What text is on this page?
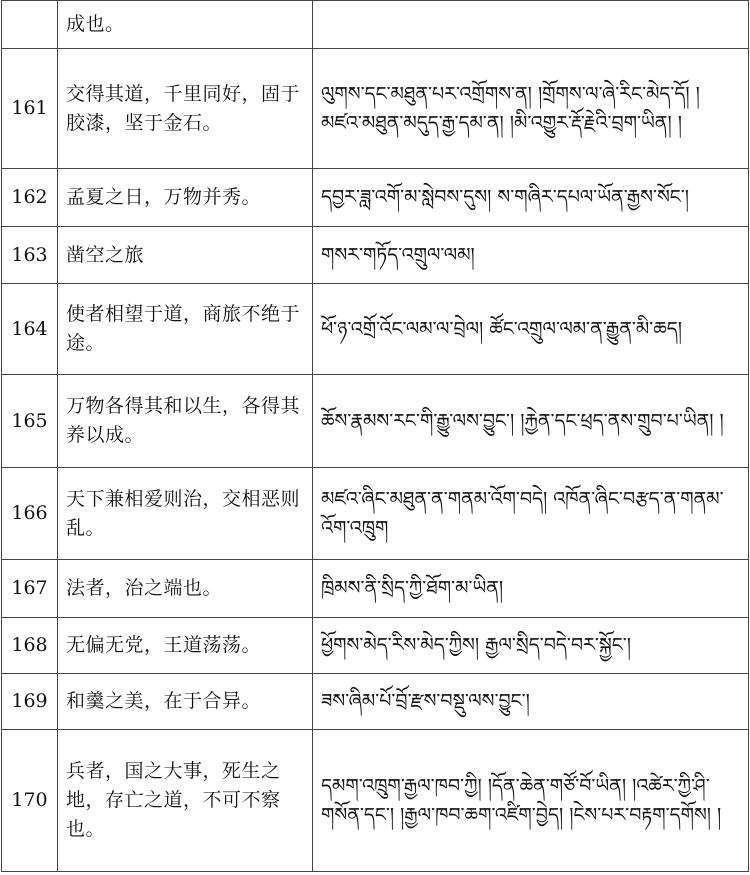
	成也。	
161	交得其道，千里同好，固于胶漆，坚于金石。	ལུགས་དང་མཐུན་པར་འགྲོགས་ན། །གྲོགས་ལ་ཞེ་རིང་མེད་དོ། །མཛའ་མཐུན་མདུད་རྒྱ་དམ་ན། །མི་འགྱུར་རྡོ་རྗེའི་བྲག་ཡིན། །
162	孟夏之日，万物并秀。	དབྱར་ཟླ་འགོ་མ་སླེབས་དུས། ས་གཞིར་དཔལ་ཡོན་རྒྱས་སོང་།
163	凿空之旅	གསར་གཏོད་འགྲུལ་ལམ།
164	使者相望于道，商旅不绝于途。	ཕོ་ཉ་འགྲོ་འོང་ལམ་ལ་བྲེལ། ཚོང་འགྲུལ་ལམ་ན་རྒྱུན་མི་ཆད།
165	万物各得其和以生，各得其养以成。	ཆོས་རྣམས་རང་གི་རྒྱུ་ལས་བྱུང་། །རྐྱེན་དང་ཕྲད་ནས་གྲུབ་པ་ཡིན། །
166	天下兼相爱则治，交相恶则乱。	མཛའ་ཞིང་མཐུན་ན་གནམ་འོག་བདེ། འཁོན་ཞིང་བརྩད་ན་གནམ་འོག་འཁྲུག
167	法者，治之端也。	ཁྲིམས་ནི་སྲིད་ཀྱི་ཐོག་མ་ཡིན།
168	无偏无党，王道荡荡。	ཕྱོགས་མེད་རིས་མེད་ཀྱིས། རྒྱལ་སྲིད་བདེ་བར་སྐྱོང་།
169	和羹之美，在于合异。	ཟས་ཞིམ་པོ་བྲོ་རྫས་བསྡུ་ལས་བྱུང་།
170	兵者，国之大事，死生之地，存亡之道，不可不察也。	དམག་འཁྲུག་རྒྱལ་ཁབ་ཀྱི། །དོན་ཆེན་གཙོ་བོ་ཡིན། །འཚེར་ཀྱི་ཤི་གསོན་དང་། །རྒྱལ་ཁབ་ཆག་འཛིག་བྱེད། །ངེས་པར་བརྟག་དགོས། །
